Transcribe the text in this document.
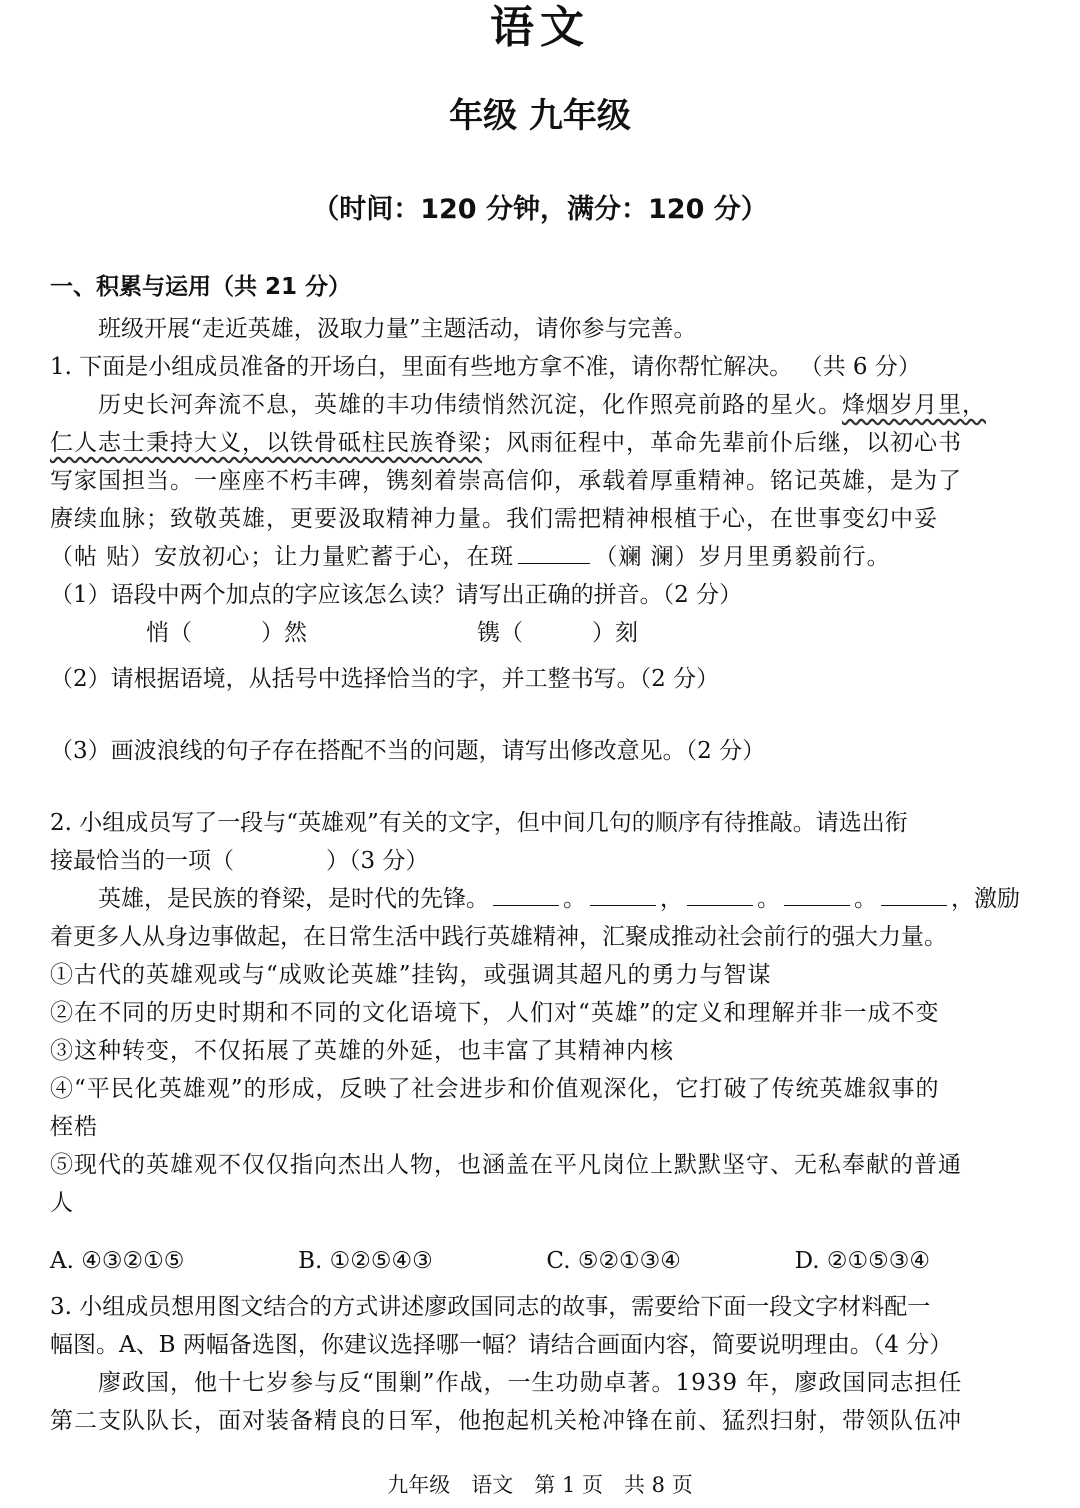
语文
年级 九年级
（时间：120 分钟，满分：120 分）
一、积累与运用（共 21 分）
班级开展“走近英雄，汲取力量”主题活动，请你参与完善。
1. 下面是小组成员准备的开场白，里面有些地方拿不准，请你帮忙解决。 （共 6 分）
历史长河奔流不息，英雄的丰功伟绩悄然沉淀，化作照亮前路的星火。烽烟岁月里，
仁人志士秉持大义，以铁骨砥柱民族脊梁；风雨征程中，革命先辈前仆后继，以初心书
写家国担当。一座座不朽丰碑，镌刻着崇高信仰，承载着厚重精神。铭记英雄，是为了
赓续血脉；致敬英雄，更要汲取精神力量。我们需把精神根植于心，在世事变幻中妥
（帖 贴）安放初心；让力量贮蓄于心，在斑	（斓 澜）岁月里勇毅前行。
（1）语段中两个加点的字应该怎么读？请写出正确的拼音。（2 分）
悄（　　　）然	镌（　　　）刻
（2）请根据语境，从括号中选择恰当的字，并工整书写。（2 分）
（3）画波浪线的句子存在搭配不当的问题，请写出修改意见。（2 分）
2. 小组成员写了一段与“英雄观”有关的文字，但中间几句的顺序有待推敲。请选出衔
接最恰当的一项（　　　　）（3 分）
英雄，是民族的脊梁，是时代的先锋。	。	，	。	。	，激励
着更多人从身边事做起，在日常生活中践行英雄精神，汇聚成推动社会前行的强大力量。
①古代的英雄观或与“成败论英雄”挂钩，或强调其超凡的勇力与智谋
②在不同的历史时期和不同的文化语境下，人们对“英雄”的定义和理解并非一成不变
③这种转变，不仅拓展了英雄的外延，也丰富了其精神内核
④“平民化英雄观”的形成，反映了社会进步和价值观深化，它打破了传统英雄叙事的
桎梏
⑤现代的英雄观不仅仅指向杰出人物，也涵盖在平凡岗位上默默坚守、无私奉献的普通
人
A. ④③②①⑤	B. ①②⑤④③	C. ⑤②①③④	D. ②①⑤③④
3. 小组成员想用图文结合的方式讲述廖政国同志的故事，需要给下面一段文字材料配一
幅图。A、B 两幅备选图，你建议选择哪一幅？请结合画面内容，简要说明理由。（4 分）
廖政国，他十七岁参与反“围剿”作战，一生功勋卓著。1939 年，廖政国同志担任
第二支队队长，面对装备精良的日军，他抱起机关枪冲锋在前、猛烈扫射，带领队伍冲
九年级　语文　第 1 页　共 8 页
